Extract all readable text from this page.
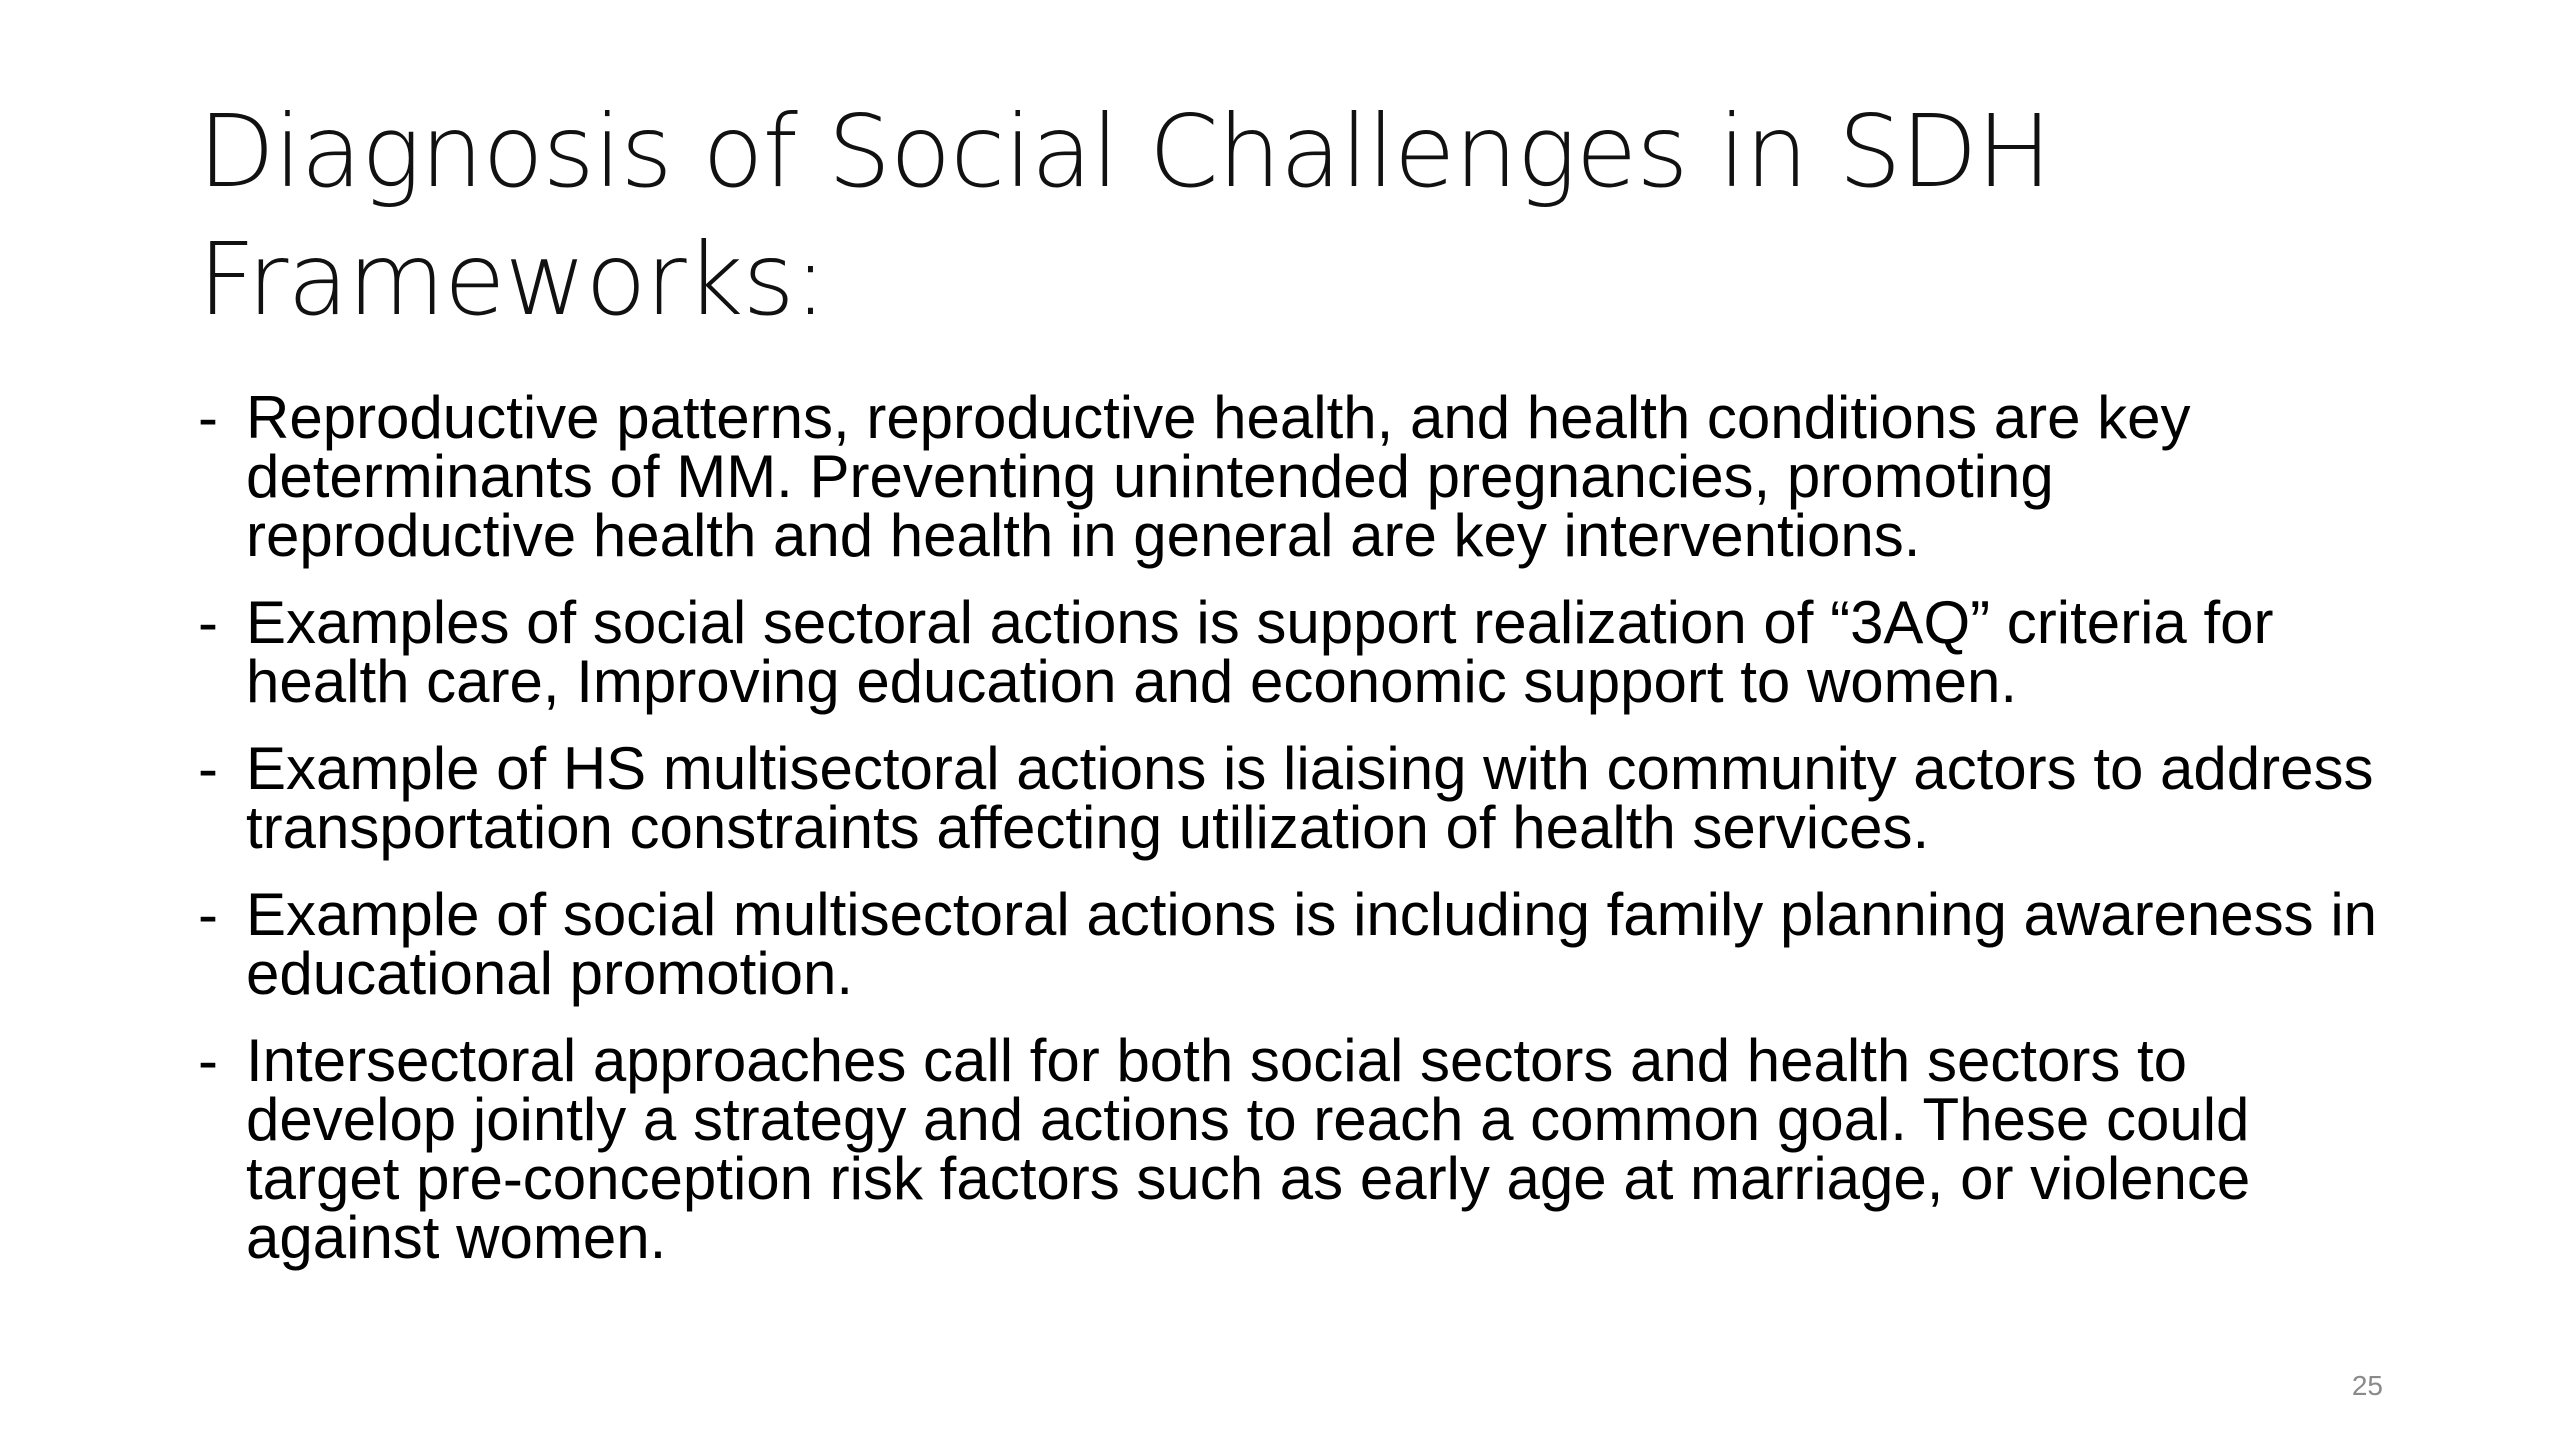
Diagnosis of Social Challenges in SDH Frameworks:
- Reproductive patterns, reproductive health, and health conditions are key determinants of MM. Preventing unintended pregnancies, promoting reproductive health and health in general are key interventions.
- Examples of social sectoral actions is support realization of “3AQ” criteria for health care, Improving education and economic support to women.
- Example of HS multisectoral actions is liaising with community actors to address transportation constraints affecting utilization of health services.
- Example of social multisectoral actions is including family planning awareness in educational promotion.
- Intersectoral approaches call for both social sectors and health sectors to develop jointly a strategy and actions to reach a common goal. These could target pre-conception risk factors such as early age at marriage, or violence against women.
25
